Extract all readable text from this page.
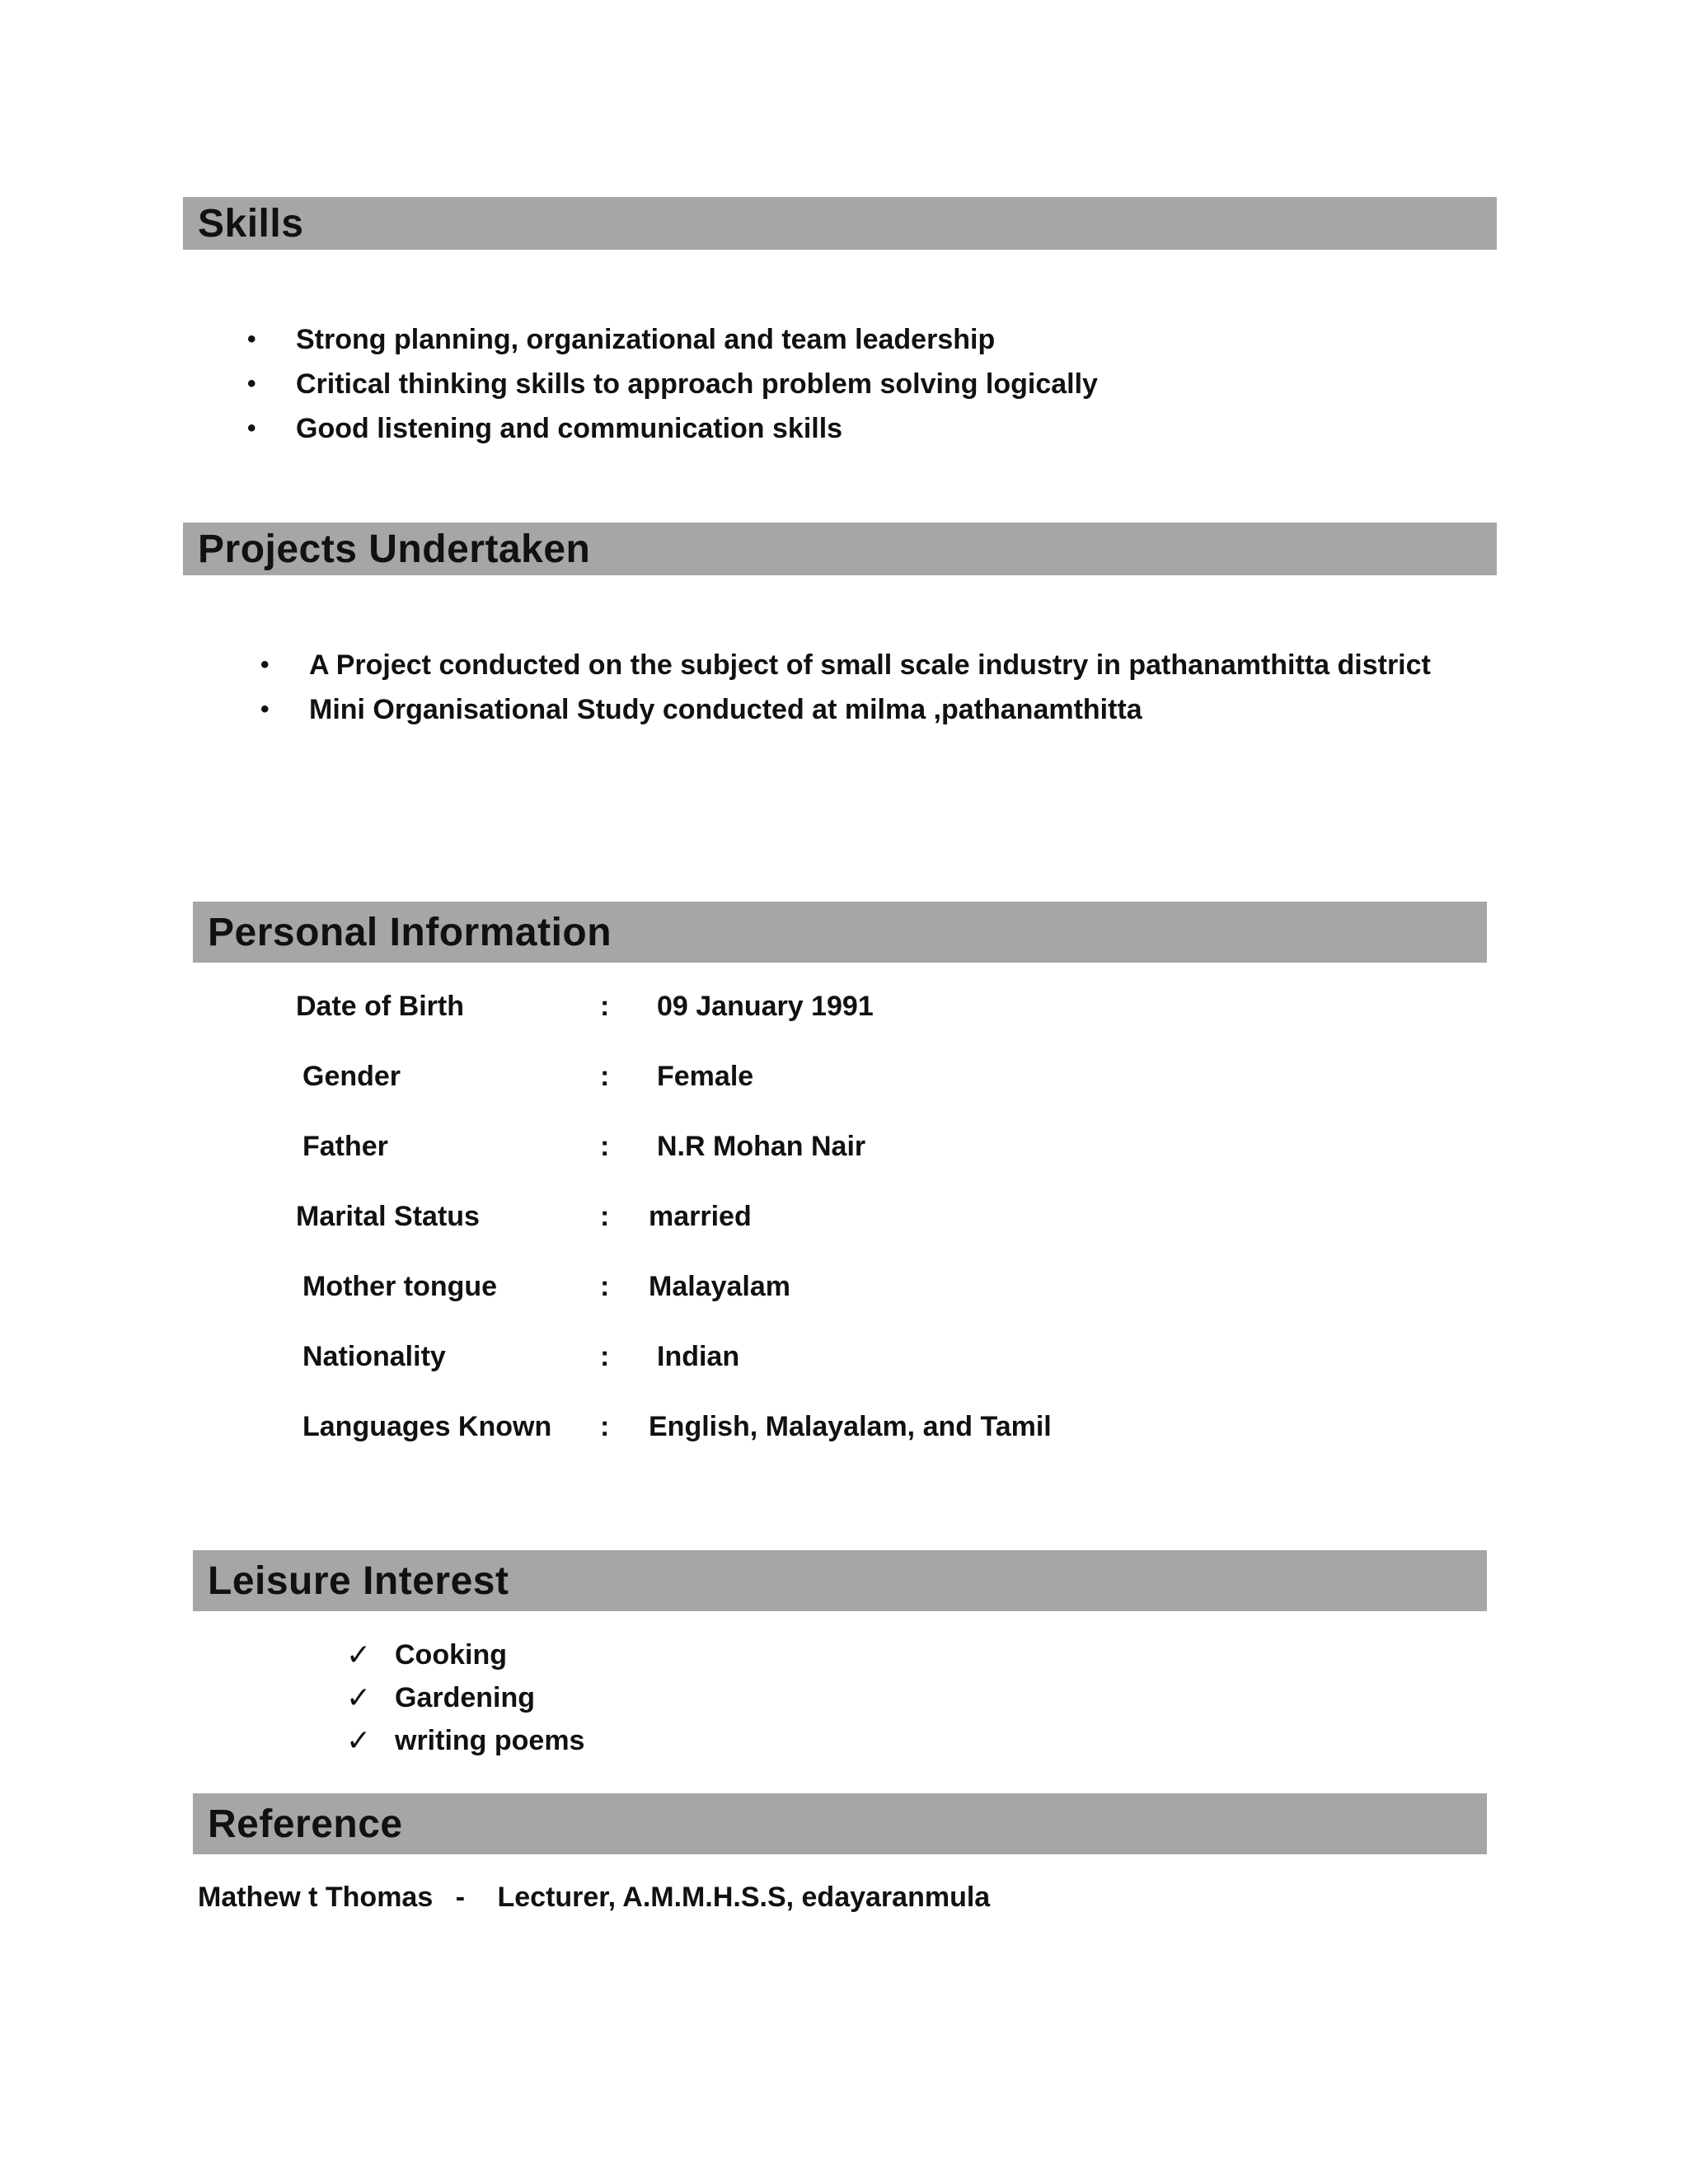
Skills
• Strong planning, organizational and team leadership
• Critical thinking skills to approach problem solving logically
• Good listening and communication skills
Projects Undertaken
• A Project conducted on the subject of small scale industry in pathanamthitta district
• Mini Organisational Study conducted at milma ,pathanamthitta
Personal Information
Date of Birth	: 09 January 1991
Gender	: Female
Father	: N.R Mohan Nair
Marital Status	: married
Mother tongue	: Malayalam
Nationality	: Indian
Languages Known : English, Malayalam, and Tamil
Leisure Interest
✓ Cooking
✓ Gardening
✓ writing poems
Reference
Mathew t Thomas - Lecturer, A.M.M.H.S.S, edayaranmula
